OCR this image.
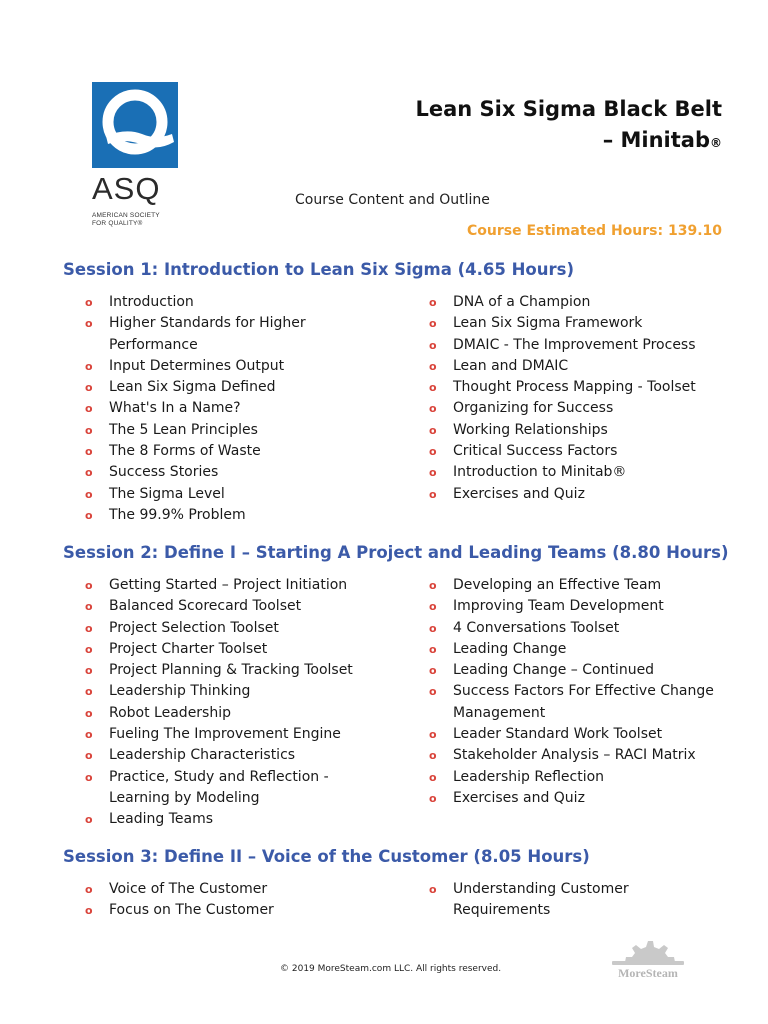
ASQ
AMERICAN SOCIETY
FOR QUALITY®
Lean Six Sigma Black Belt
– Minitab®
Course Content and Outline
Course Estimated Hours: 139.10
Session 1: Introduction to Lean Six Sigma (4.65 Hours)
o Introduction
o Higher Standards for Higher Performance
o Input Determines Output
o Lean Six Sigma Defined
o What's In a Name?
o The 5 Lean Principles
o The 8 Forms of Waste
o Success Stories
o The Sigma Level
o The 99.9% Problem
o DNA of a Champion
o Lean Six Sigma Framework
o DMAIC - The Improvement Process
o Lean and DMAIC
o Thought Process Mapping - Toolset
o Organizing for Success
o Working Relationships
o Critical Success Factors
o Introduction to Minitab®
o Exercises and Quiz
Session 2: Define I – Starting A Project and Leading Teams (8.80 Hours)
o Getting Started – Project Initiation
o Balanced Scorecard Toolset
o Project Selection Toolset
o Project Charter Toolset
o Project Planning & Tracking Toolset
o Leadership Thinking
o Robot Leadership
o Fueling The Improvement Engine
o Leadership Characteristics
o Practice, Study and Reflection - Learning by Modeling
o Leading Teams
o Developing an Effective Team
o Improving Team Development
o 4 Conversations Toolset
o Leading Change
o Leading Change – Continued
o Success Factors For Effective Change Management
o Leader Standard Work Toolset
o Stakeholder Analysis – RACI Matrix
o Leadership Reflection
o Exercises and Quiz
Session 3: Define II – Voice of the Customer (8.05 Hours)
o Voice of The Customer
o Focus on The Customer
o Understanding Customer Requirements
© 2019 MoreSteam.com LLC. All rights reserved.	MoreSteam
